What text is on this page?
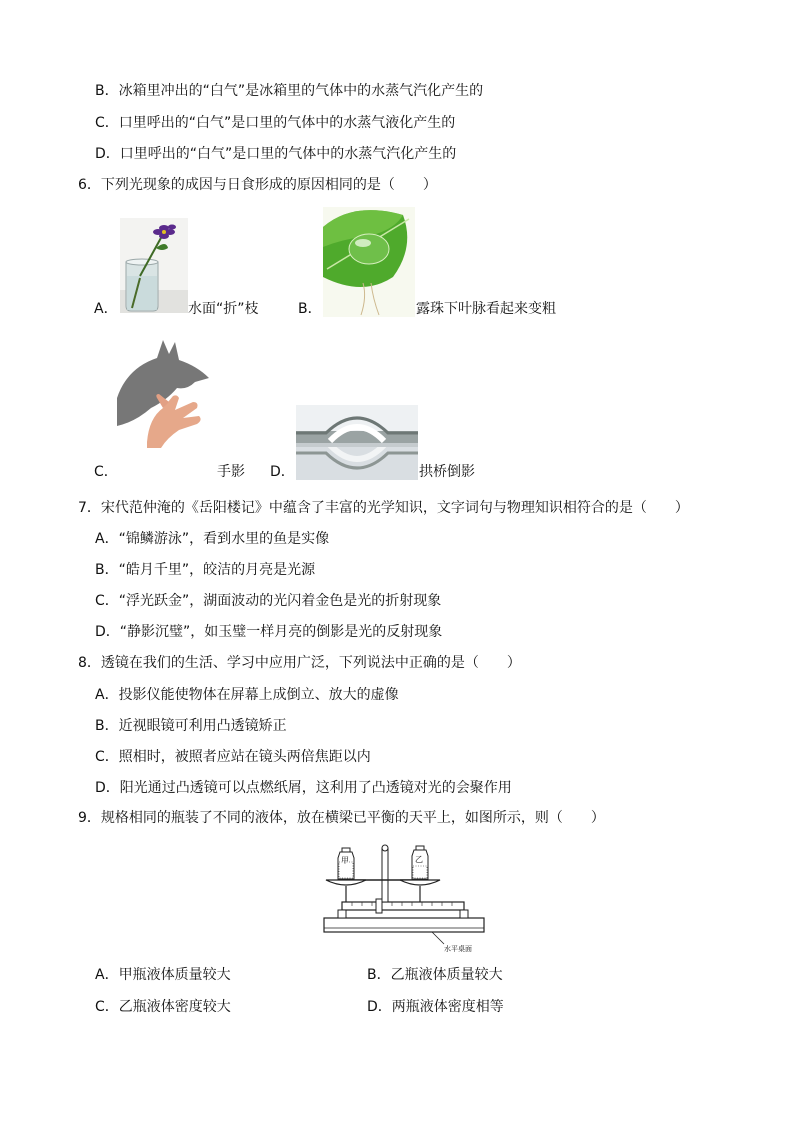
B．冰箱里冲出的“白气”是冰箱里的气体中的水蒸气汽化产生的
C．口里呼出的“白气”是口里的气体中的水蒸气液化产生的
D．口里呼出的“白气”是口里的气体中的水蒸气汽化产生的
6．下列光现象的成因与日食形成的原因相同的是（　　）
A．	水面“折”枝	B．	露珠下叶脉看起来变粗
C．	手影 D．	拱桥倒影
7．宋代范仲淹的《岳阳楼记》中蕴含了丰富的光学知识，文字词句与物理知识相符合的是（　　）
A．“锦鳞游泳”，看到水里的鱼是实像
B．“皓月千里”，皎洁的月亮是光源
C．“浮光跃金”，湖面波动的光闪着金色是光的折射现象
D．“静影沉璧”，如玉璧一样月亮的倒影是光的反射现象
8．透镜在我们的生活、学习中应用广泛，下列说法中正确的是（　　）
A．投影仪能使物体在屏幕上成倒立、放大的虚像
B．近视眼镜可利用凸透镜矫正
C．照相时，被照者应站在镜头两倍焦距以内
D．阳光通过凸透镜可以点燃纸屑，这利用了凸透镜对光的会聚作用
9．规格相同的瓶装了不同的液体，放在横梁已平衡的天平上，如图所示，则（　　）
甲	乙
水平桌面
A．甲瓶液体质量较大	B．乙瓶液体质量较大
C．乙瓶液体密度较大	D．两瓶液体密度相等
